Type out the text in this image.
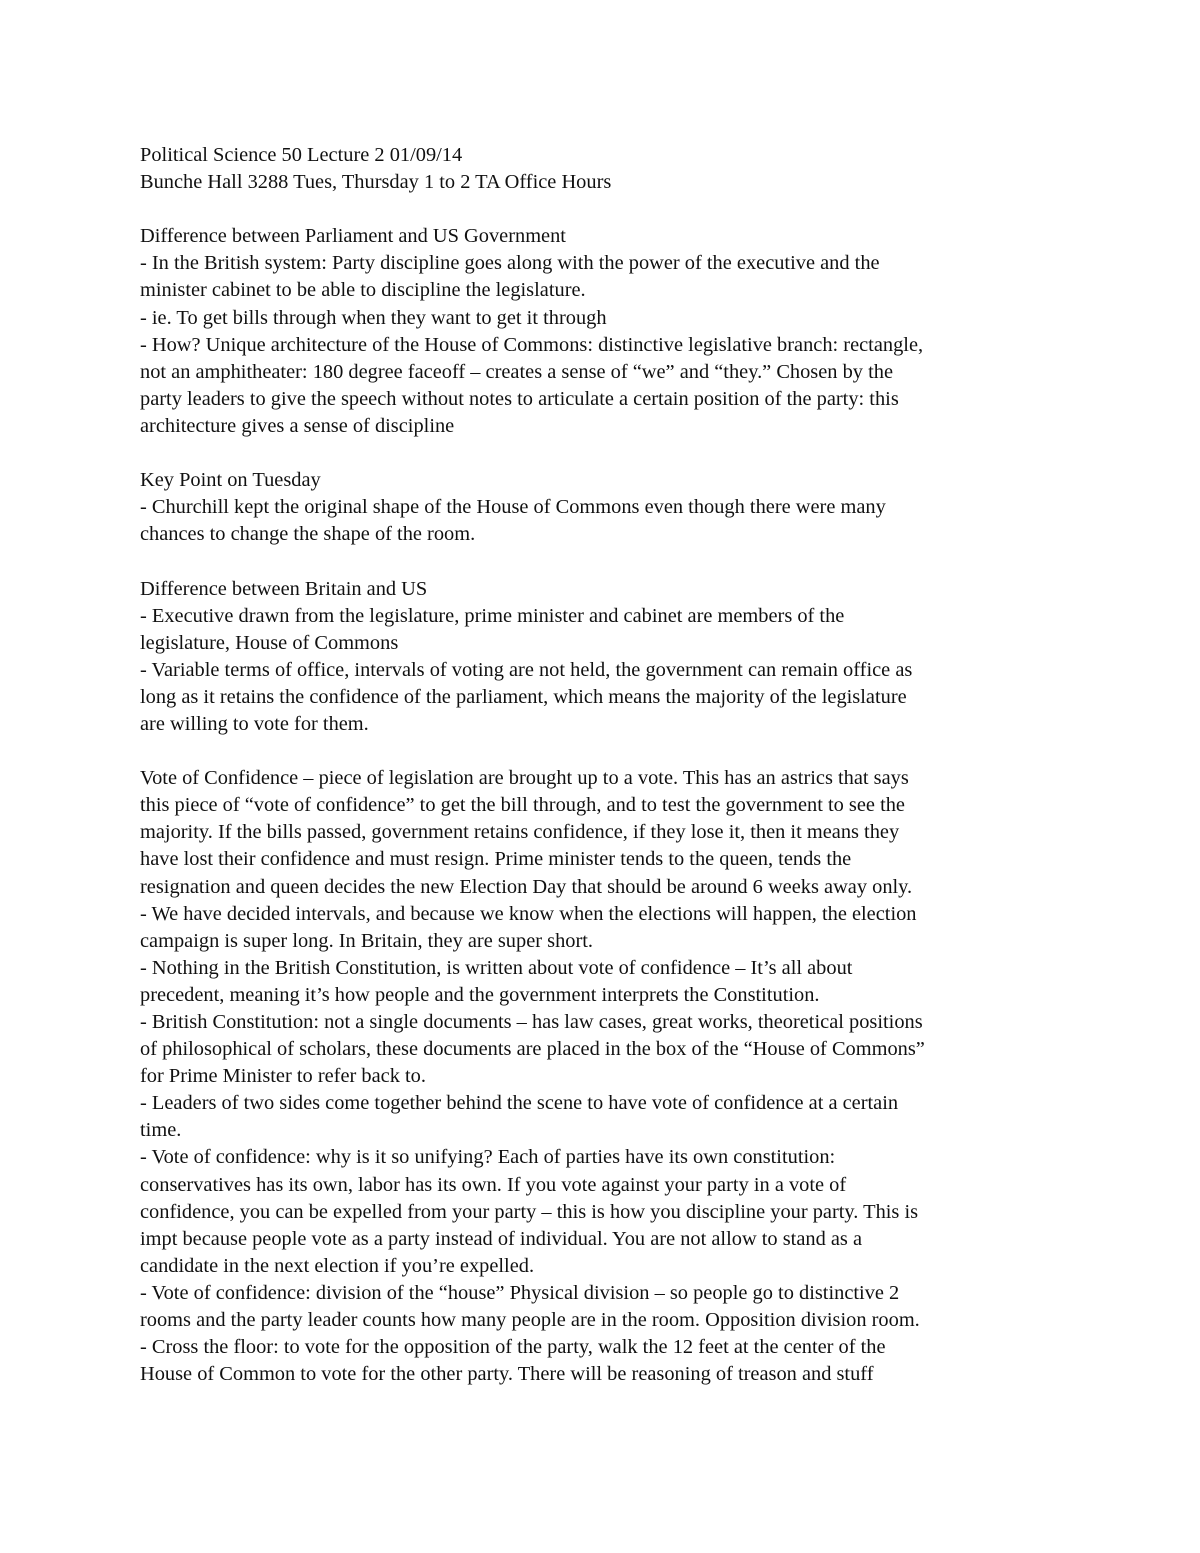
Political Science 50 Lecture 2 01/09/14
Bunche Hall 3288 Tues, Thursday 1 to 2 TA Office Hours
Difference between Parliament and US Government
- In the British system: Party discipline goes along with the power of the executive and the
minister cabinet to be able to discipline the legislature.
- ie. To get bills through when they want to get it through
- How? Unique architecture of the House of Commons: distinctive legislative branch: rectangle,
not an amphitheater: 180 degree faceoff – creates a sense of “we” and “they.” Chosen by the
party leaders to give the speech without notes to articulate a certain position of the party: this
architecture gives a sense of discipline
Key Point on Tuesday
- Churchill kept the original shape of the House of Commons even though there were many
chances to change the shape of the room.
Difference between Britain and US
- Executive drawn from the legislature, prime minister and cabinet are members of the
legislature, House of Commons
- Variable terms of office, intervals of voting are not held, the government can remain office as
long as it retains the confidence of the parliament, which means the majority of the legislature
are willing to vote for them.
Vote of Confidence – piece of legislation are brought up to a vote. This has an astrics that says
this piece of “vote of confidence” to get the bill through, and to test the government to see the
majority. If the bills passed, government retains confidence, if they lose it, then it means they
have lost their confidence and must resign. Prime minister tends to the queen, tends the
resignation and queen decides the new Election Day that should be around 6 weeks away only.
- We have decided intervals, and because we know when the elections will happen, the election
campaign is super long. In Britain, they are super short.
- Nothing in the British Constitution, is written about vote of confidence – It’s all about
precedent, meaning it’s how people and the government interprets the Constitution.
- British Constitution: not a single documents – has law cases, great works, theoretical positions
of philosophical of scholars, these documents are placed in the box of the “House of Commons”
for Prime Minister to refer back to.
- Leaders of two sides come together behind the scene to have vote of confidence at a certain
time.
- Vote of confidence: why is it so unifying? Each of parties have its own constitution:
conservatives has its own, labor has its own. If you vote against your party in a vote of
confidence, you can be expelled from your party – this is how you discipline your party. This is
impt because people vote as a party instead of individual. You are not allow to stand as a
candidate in the next election if you’re expelled.
- Vote of confidence: division of the “house” Physical division – so people go to distinctive 2
rooms and the party leader counts how many people are in the room. Opposition division room.
- Cross the floor: to vote for the opposition of the party, walk the 12 feet at the center of the
House of Common to vote for the other party. There will be reasoning of treason and stuff
